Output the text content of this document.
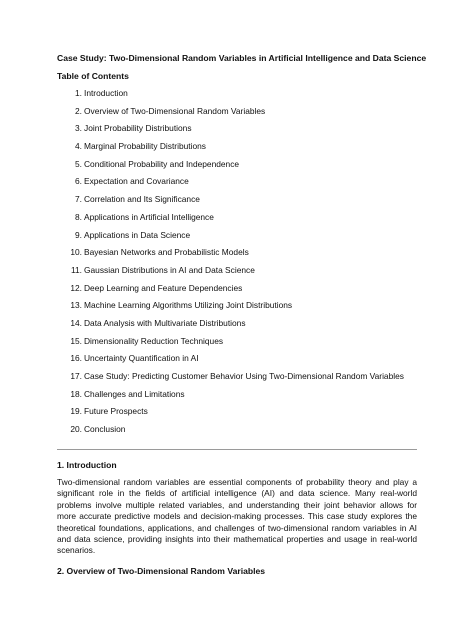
Case Study: Two-Dimensional Random Variables in Artificial Intelligence and Data Science
Table of Contents
1. Introduction
2. Overview of Two-Dimensional Random Variables
3. Joint Probability Distributions
4. Marginal Probability Distributions
5. Conditional Probability and Independence
6. Expectation and Covariance
7. Correlation and Its Significance
8. Applications in Artificial Intelligence
9. Applications in Data Science
10. Bayesian Networks and Probabilistic Models
11. Gaussian Distributions in AI and Data Science
12. Deep Learning and Feature Dependencies
13. Machine Learning Algorithms Utilizing Joint Distributions
14. Data Analysis with Multivariate Distributions
15. Dimensionality Reduction Techniques
16. Uncertainty Quantification in AI
17. Case Study: Predicting Customer Behavior Using Two-Dimensional Random Variables
18. Challenges and Limitations
19. Future Prospects
20. Conclusion
1. Introduction

Two-dimensional random variables are essential components of probability theory and play a significant role in the fields of artificial intelligence (AI) and data science. Many real-world problems involve multiple related variables, and understanding their joint behavior allows for more accurate predictive models and decision-making processes. This case study explores the theoretical foundations, applications, and challenges of two-dimensional random variables in AI and data science, providing insights into their mathematical properties and usage in real-world scenarios.

2. Overview of Two-Dimensional Random Variables
